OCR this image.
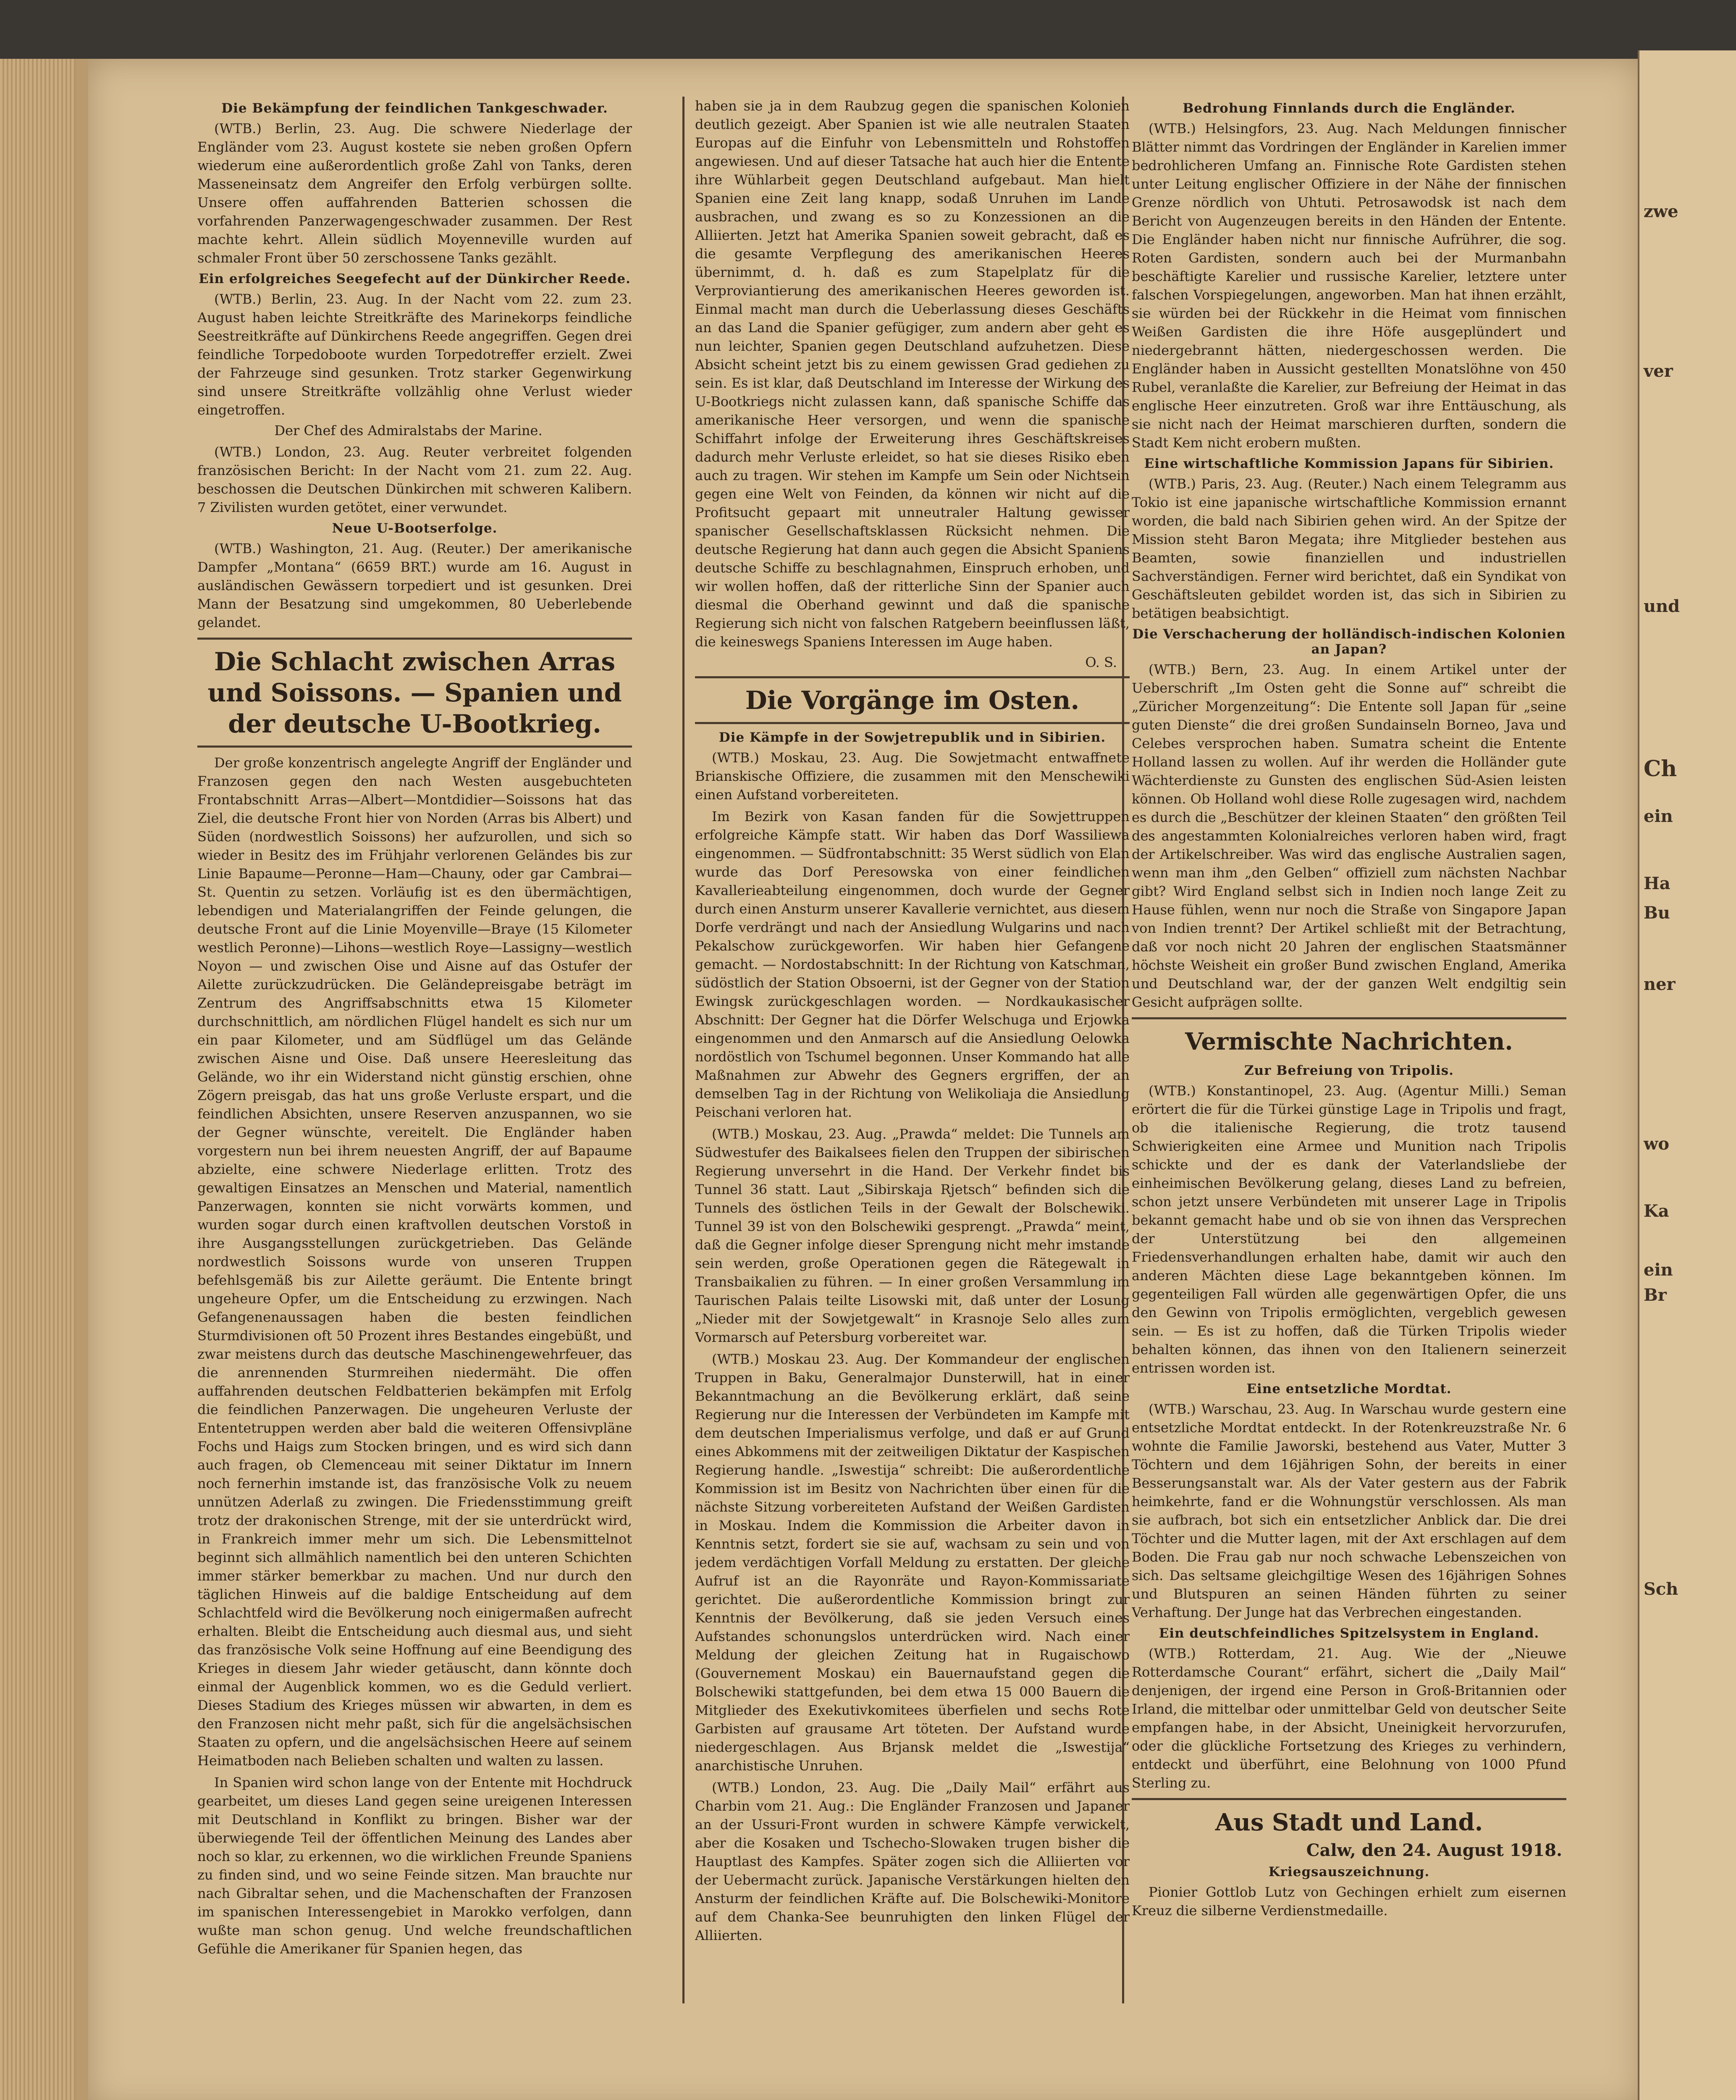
Die Bekämpfung der feindlichen Tankgeschwader.

(WTB.) Berlin, 23. Aug. Die schwere Niederlage der Engländer vom 23. August kostete sie neben großen Opfern wiederum eine außerordentlich große Zahl von Tanks, deren Masseneinsatz dem Angreifer den Erfolg verbürgen sollte. Unsere offen auffahrenden Batterien schossen die vorfahrenden Panzerwagengeschwader zusammen. Der Rest machte kehrt. Allein südlich Moyenneville wurden auf schmaler Front über 50 zerschossene Tanks gezählt.

Ein erfolgreiches Seegefecht auf der Dünkircher Reede.

(WTB.) Berlin, 23. Aug. In der Nacht vom 22. zum 23. August haben leichte Streitkräfte des Marinekorps feindliche Seestreitkräfte auf Dünkirchens Reede angegriffen. Gegen drei feindliche Torpedoboote wurden Torpedotreffer erzielt. Zwei der Fahrzeuge sind gesunken. Trotz starker Gegenwirkung sind unsere Streitkräfte vollzählig ohne Verlust wieder eingetroffen.

Der Chef des Admiralstabs der Marine.

(WTB.) London, 23. Aug. Reuter verbreitet folgenden französischen Bericht: In der Nacht vom 21. zum 22. Aug. beschossen die Deutschen Dünkirchen mit schweren Kalibern. 7 Zivilisten wurden getötet, einer verwundet.

Neue U-Bootserfolge.

(WTB.) Washington, 21. Aug. (Reuter.) Der amerikanische Dampfer „Montana“ (6659 BRT.) wurde am 16. August in ausländischen Gewässern torpediert und ist gesunken. Drei Mann der Besatzung sind umgekommen, 80 Ueberlebende gelandet.

Die Schlacht zwischen Arras und Soissons. — Spanien und der deutsche U-Bootkrieg.

Der große konzentrisch angelegte Angriff der Engländer und Franzosen gegen den nach Westen ausgebuchteten Frontabschnitt Arras—Albert—Montdidier—Soissons hat das Ziel, die deutsche Front hier von Norden (Arras bis Albert) und Süden (nordwestlich Soissons) her aufzurollen, und sich so wieder in Besitz des im Frühjahr verlorenen Geländes bis zur Linie Bapaume—Peronne—Ham—Chauny, oder gar Cambrai—St. Quentin zu setzen. Vorläufig ist es den übermächtigen, lebendigen und Materialangriffen der Feinde gelungen, die deutsche Front auf die Linie Moyenville—Braye (15 Kilometer westlich Peronne)—Lihons—westlich Roye—Lassigny—westlich Noyon — und zwischen Oise und Aisne auf das Ostufer der Ailette zurückzudrücken. Die Geländepreisgabe beträgt im Zentrum des Angriffsabschnitts etwa 15 Kilometer durchschnittlich, am nördlichen Flügel handelt es sich nur um ein paar Kilometer, und am Südflügel um das Gelände zwischen Aisne und Oise. Daß unsere Heeresleitung das Gelände, wo ihr ein Widerstand nicht günstig erschien, ohne Zögern preisgab, das hat uns große Verluste erspart, und die feindlichen Absichten, unsere Reserven anzuspannen, wo sie der Gegner wünschte, vereitelt. Die Engländer haben vorgestern nun bei ihrem neuesten Angriff, der auf Bapaume abzielte, eine schwere Niederlage erlitten. Trotz des gewaltigen Einsatzes an Menschen und Material, namentlich Panzerwagen, konnten sie nicht vorwärts kommen, und wurden sogar durch einen kraftvollen deutschen Vorstoß in ihre Ausgangsstellungen zurückgetrieben. Das Gelände nordwestlich Soissons wurde von unseren Truppen befehlsgemäß bis zur Ailette geräumt. Die Entente bringt ungeheure Opfer, um die Entscheidung zu erzwingen. Nach Gefangenenaussagen haben die besten feindlichen Sturmdivisionen oft 50 Prozent ihres Bestandes eingebüßt, und zwar meistens durch das deutsche Maschinengewehrfeuer, das die anrennenden Sturmreihen niedermäht. Die offen auffahrenden deutschen Feldbatterien bekämpfen mit Erfolg die feindlichen Panzerwagen. Die ungeheuren Verluste der Ententetruppen werden aber bald die weiteren Offensivpläne Fochs und Haigs zum Stocken bringen, und es wird sich dann auch fragen, ob Clemenceau mit seiner Diktatur im Innern noch fernerhin imstande ist, das französische Volk zu neuem unnützen Aderlaß zu zwingen. Die Friedensstimmung greift trotz der drakonischen Strenge, mit der sie unterdrückt wird, in Frankreich immer mehr um sich. Die Lebensmittelnot beginnt sich allmählich namentlich bei den unteren Schichten immer stärker bemerkbar zu machen. Und nur durch den täglichen Hinweis auf die baldige Entscheidung auf dem Schlachtfeld wird die Bevölkerung noch einigermaßen aufrecht erhalten. Bleibt die Entscheidung auch diesmal aus, und sieht das französische Volk seine Hoffnung auf eine Beendigung des Krieges in diesem Jahr wieder getäuscht, dann könnte doch einmal der Augenblick kommen, wo es die Geduld verliert. Dieses Stadium des Krieges müssen wir abwarten, in dem es den Franzosen nicht mehr paßt, sich für die angelsächsischen Staaten zu opfern, und die angelsächsischen Heere auf seinem Heimatboden nach Belieben schalten und walten zu lassen.

In Spanien wird schon lange von der Entente mit Hochdruck gearbeitet, um dieses Land gegen seine ureigenen Interessen mit Deutschland in Konflikt zu bringen. Bisher war der überwiegende Teil der öffentlichen Meinung des Landes aber noch so klar, zu erkennen, wo die wirklichen Freunde Spaniens zu finden sind, und wo seine Feinde sitzen. Man brauchte nur nach Gibraltar sehen, und die Machenschaften der Franzosen im spanischen Interessengebiet in Marokko verfolgen, dann wußte man schon genug. Und welche freundschaftlichen Gefühle die Amerikaner für Spanien hegen, das

haben sie ja in dem Raubzug gegen die spanischen Kolonien deutlich gezeigt. Aber Spanien ist wie alle neutralen Staaten Europas auf die Einfuhr von Lebensmitteln und Rohstoffen angewiesen. Und auf dieser Tatsache hat auch hier die Entente ihre Wühlarbeit gegen Deutschland aufgebaut. Man hielt Spanien eine Zeit lang knapp, sodaß Unruhen im Lande ausbrachen, und zwang es so zu Konzessionen an die Alliierten. Jetzt hat Amerika Spanien soweit gebracht, daß es die gesamte Verpflegung des amerikanischen Heeres übernimmt, d. h. daß es zum Stapelplatz für die Verproviantierung des amerikanischen Heeres geworden ist. Einmal macht man durch die Ueberlassung dieses Geschäfts an das Land die Spanier gefügiger, zum andern aber geht es nun leichter, Spanien gegen Deutschland aufzuhetzen. Diese Absicht scheint jetzt bis zu einem gewissen Grad gediehen zu sein. Es ist klar, daß Deutschland im Interesse der Wirkung des U-Bootkriegs nicht zulassen kann, daß spanische Schiffe das amerikanische Heer versorgen, und wenn die spanische Schiffahrt infolge der Erweiterung ihres Geschäftskreises dadurch mehr Verluste erleidet, so hat sie dieses Risiko eben auch zu tragen. Wir stehen im Kampfe um Sein oder Nichtsein gegen eine Welt von Feinden, da können wir nicht auf die Profitsucht gepaart mit unneutraler Haltung gewisser spanischer Gesellschaftsklassen Rücksicht nehmen. Die deutsche Regierung hat dann auch gegen die Absicht Spaniens deutsche Schiffe zu beschlagnahmen, Einspruch erhoben, und wir wollen hoffen, daß der ritterliche Sinn der Spanier auch diesmal die Oberhand gewinnt und daß die spanische Regierung sich nicht von falschen Ratgebern beeinflussen läßt, die keineswegs Spaniens Interessen im Auge haben.

O. S.
Die Vorgänge im Osten.
Die Kämpfe in der Sowjetrepublik und in Sibirien.

(WTB.) Moskau, 23. Aug. Die Sowjetmacht entwaffnete Brianskische Offiziere, die zusammen mit den Menschewiki einen Aufstand vorbereiteten.

Im Bezirk von Kasan fanden für die Sowjettruppen erfolgreiche Kämpfe statt. Wir haben das Dorf Wassiliewa eingenommen. — Südfrontabschnitt: 35 Werst südlich von Elan wurde das Dorf Peresowska von einer feindlichen Kavallerieabteilung eingenommen, doch wurde der Gegner durch einen Ansturm unserer Kavallerie vernichtet, aus diesem Dorfe verdrängt und nach der Ansiedlung Wulgarins und nach Pekalschow zurückgeworfen. Wir haben hier Gefangene gemacht. — Nordostabschnitt: In der Richtung von Katschman, südöstlich der Station Obsoerni, ist der Gegner von der Station Ewingsk zurückgeschlagen worden. — Nordkaukasischer Abschnitt: Der Gegner hat die Dörfer Welschuga und Erjowka eingenommen und den Anmarsch auf die Ansiedlung Oelowka nordöstlich von Tschumel begonnen. Unser Kommando hat alle Maßnahmen zur Abwehr des Gegners ergriffen, der an demselben Tag in der Richtung von Welikoliaja die Ansiedlung Peischani verloren hat.

(WTB.) Moskau, 23. Aug. „Prawda“ meldet: Die Tunnels am Südwestufer des Baikalsees fielen den Truppen der sibirischen Regierung unversehrt in die Hand. Der Verkehr findet bis Tunnel 36 statt. Laut „Sibirskaja Rjetsch“ befinden sich die Tunnels des östlichen Teils in der Gewalt der Bolschewiki. Tunnel 39 ist von den Bolschewiki gesprengt. „Prawda“ meint, daß die Gegner infolge dieser Sprengung nicht mehr imstande sein werden, große Operationen gegen die Rätegewalt in Transbaikalien zu führen. — In einer großen Versammlung im Taurischen Palais teilte Lisowski mit, daß unter der Losung „Nieder mit der Sowjetgewalt“ in Krasnoje Selo alles zum Vormarsch auf Petersburg vorbereitet war.

(WTB.) Moskau 23. Aug. Der Kommandeur der englischen Truppen in Baku, Generalmajor Dunsterwill, hat in einer Bekanntmachung an die Bevölkerung erklärt, daß seine Regierung nur die Interessen der Verbündeten im Kampfe mit dem deutschen Imperialismus verfolge, und daß er auf Grund eines Abkommens mit der zeitweiligen Diktatur der Kaspischen Regierung handle. „Iswestija“ schreibt: Die außerordentliche Kommission ist im Besitz von Nachrichten über einen für die nächste Sitzung vorbereiteten Aufstand der Weißen Gardisten in Moskau. Indem die Kommission die Arbeiter davon in Kenntnis setzt, fordert sie sie auf, wachsam zu sein und von jedem verdächtigen Vorfall Meldung zu erstatten. Der gleiche Aufruf ist an die Rayonräte und Rayon-Kommissariate gerichtet. Die außerordentliche Kommission bringt zur Kenntnis der Bevölkerung, daß sie jeden Versuch eines Aufstandes schonungslos unterdrücken wird. Nach einer Meldung der gleichen Zeitung hat in Rugaischowo (Gouvernement Moskau) ein Bauernaufstand gegen die Bolschewiki stattgefunden, bei dem etwa 15 000 Bauern die Mitglieder des Exekutivkomitees überfielen und sechs Rote Garbisten auf grausame Art töteten. Der Aufstand wurde niedergeschlagen. Aus Brjansk meldet die „Iswestija“ anarchistische Unruhen.

(WTB.) London, 23. Aug. Die „Daily Mail“ erfährt aus Charbin vom 21. Aug.: Die Engländer Franzosen und Japaner an der Ussuri-Front wurden in schwere Kämpfe verwickelt, aber die Kosaken und Tschecho-Slowaken trugen bisher die Hauptlast des Kampfes. Später zogen sich die Alliierten vor der Uebermacht zurück. Japanische Verstärkungen hielten den Ansturm der feindlichen Kräfte auf. Die Bolschewiki-Monitore auf dem Chanka-See beunruhigten den linken Flügel der Alliierten.

Bedrohung Finnlands durch die Engländer.

(WTB.) Helsingfors, 23. Aug. Nach Meldungen finnischer Blätter nimmt das Vordringen der Engländer in Karelien immer bedrohlicheren Umfang an. Finnische Rote Gardisten stehen unter Leitung englischer Offiziere in der Nähe der finnischen Grenze nördlich von Uhtuti. Petrosawodsk ist nach dem Bericht von Augenzeugen bereits in den Händen der Entente. Die Engländer haben nicht nur finnische Aufrührer, die sog. Roten Gardisten, sondern auch bei der Murmanbahn beschäftigte Karelier und russische Karelier, letztere unter falschen Vorspiegelungen, angeworben. Man hat ihnen erzählt, sie würden bei der Rückkehr in die Heimat vom finnischen Weißen Gardisten die ihre Höfe ausgeplündert und niedergebrannt hätten, niedergeschossen werden. Die Engländer haben in Aussicht gestellten Monatslöhne von 450 Rubel, veranlaßte die Karelier, zur Befreiung der Heimat in das englische Heer einzutreten. Groß war ihre Enttäuschung, als sie nicht nach der Heimat marschieren durften, sondern die Stadt Kem nicht erobern mußten.

Eine wirtschaftliche Kommission Japans für Sibirien.

(WTB.) Paris, 23. Aug. (Reuter.) Nach einem Telegramm aus Tokio ist eine japanische wirtschaftliche Kommission ernannt worden, die bald nach Sibirien gehen wird. An der Spitze der Mission steht Baron Megata; ihre Mitglieder bestehen aus Beamten, sowie finanziellen und industriellen Sachverständigen. Ferner wird berichtet, daß ein Syndikat von Geschäftsleuten gebildet worden ist, das sich in Sibirien zu betätigen beabsichtigt.

Die Verschacherung der holländisch-indischen Kolonien an Japan?

(WTB.) Bern, 23. Aug. In einem Artikel unter der Ueberschrift „Im Osten geht die Sonne auf“ schreibt die „Züricher Morgenzeitung“: Die Entente soll Japan für „seine guten Dienste“ die drei großen Sundainseln Borneo, Java und Celebes versprochen haben. Sumatra scheint die Entente Holland lassen zu wollen. Auf ihr werden die Holländer gute Wächterdienste zu Gunsten des englischen Süd-Asien leisten können. Ob Holland wohl diese Rolle zugesagen wird, nachdem es durch die „Beschützer der kleinen Staaten“ den größten Teil des angestammten Kolonialreiches verloren haben wird, fragt der Artikelschreiber. Was wird das englische Australien sagen, wenn man ihm „den Gelben“ offiziell zum nächsten Nachbar gibt? Wird England selbst sich in Indien noch lange Zeit zu Hause fühlen, wenn nur noch die Straße von Singapore Japan von Indien trennt? Der Artikel schließt mit der Betrachtung, daß vor noch nicht 20 Jahren der englischen Staatsmänner höchste Weisheit ein großer Bund zwischen England, Amerika und Deutschland war, der der ganzen Welt endgiltig sein Gesicht aufprägen sollte.

Vermischte Nachrichten.
Zur Befreiung von Tripolis.

(WTB.) Konstantinopel, 23. Aug. (Agentur Milli.) Seman erörtert die für die Türkei günstige Lage in Tripolis und fragt, ob die italienische Regierung, die trotz tausend Schwierigkeiten eine Armee und Munition nach Tripolis schickte und der es dank der Vaterlandsliebe der einheimischen Bevölkerung gelang, dieses Land zu befreien, schon jetzt unsere Verbündeten mit unserer Lage in Tripolis bekannt gemacht habe und ob sie von ihnen das Versprechen der Unterstützung bei den allgemeinen Friedensverhandlungen erhalten habe, damit wir auch den anderen Mächten diese Lage bekanntgeben können. Im gegenteiligen Fall würden alle gegenwärtigen Opfer, die uns den Gewinn von Tripolis ermöglichten, vergeblich gewesen sein. — Es ist zu hoffen, daß die Türken Tripolis wieder behalten können, das ihnen von den Italienern seinerzeit entrissen worden ist.

Eine entsetzliche Mordtat.

(WTB.) Warschau, 23. Aug. In Warschau wurde gestern eine entsetzliche Mordtat entdeckt. In der Rotenkreuzstraße Nr. 6 wohnte die Familie Jaworski, bestehend aus Vater, Mutter 3 Töchtern und dem 16jährigen Sohn, der bereits in einer Besserungsanstalt war. Als der Vater gestern aus der Fabrik heimkehrte, fand er die Wohnungstür verschlossen. Als man sie aufbrach, bot sich ein entsetzlicher Anblick dar. Die drei Töchter und die Mutter lagen, mit der Axt erschlagen auf dem Boden. Die Frau gab nur noch schwache Lebenszeichen von sich. Das seltsame gleichgiltige Wesen des 16jährigen Sohnes und Blutspuren an seinen Händen führten zu seiner Verhaftung. Der Junge hat das Verbrechen eingestanden.

Ein deutschfeindliches Spitzelsystem in England.

(WTB.) Rotterdam, 21. Aug. Wie der „Nieuwe Rotterdamsche Courant“ erfährt, sichert die „Daily Mail“ denjenigen, der irgend eine Person in Groß-Britannien oder Irland, die mittelbar oder unmittelbar Geld von deutscher Seite empfangen habe, in der Absicht, Uneinigkeit hervorzurufen, oder die glückliche Fortsetzung des Krieges zu verhindern, entdeckt und überführt, eine Belohnung von 1000 Pfund Sterling zu.

Aus Stadt und Land.
Calw, den 24. August 1918.
Kriegsauszeichnung.

Pionier Gottlob Lutz von Gechingen erhielt zum eisernen Kreuz die silberne Verdienstmedaille.

zwe
ver
und
Ch
ein
Ha
Bu
ner
wo
Ka
ein
Br
Sch
